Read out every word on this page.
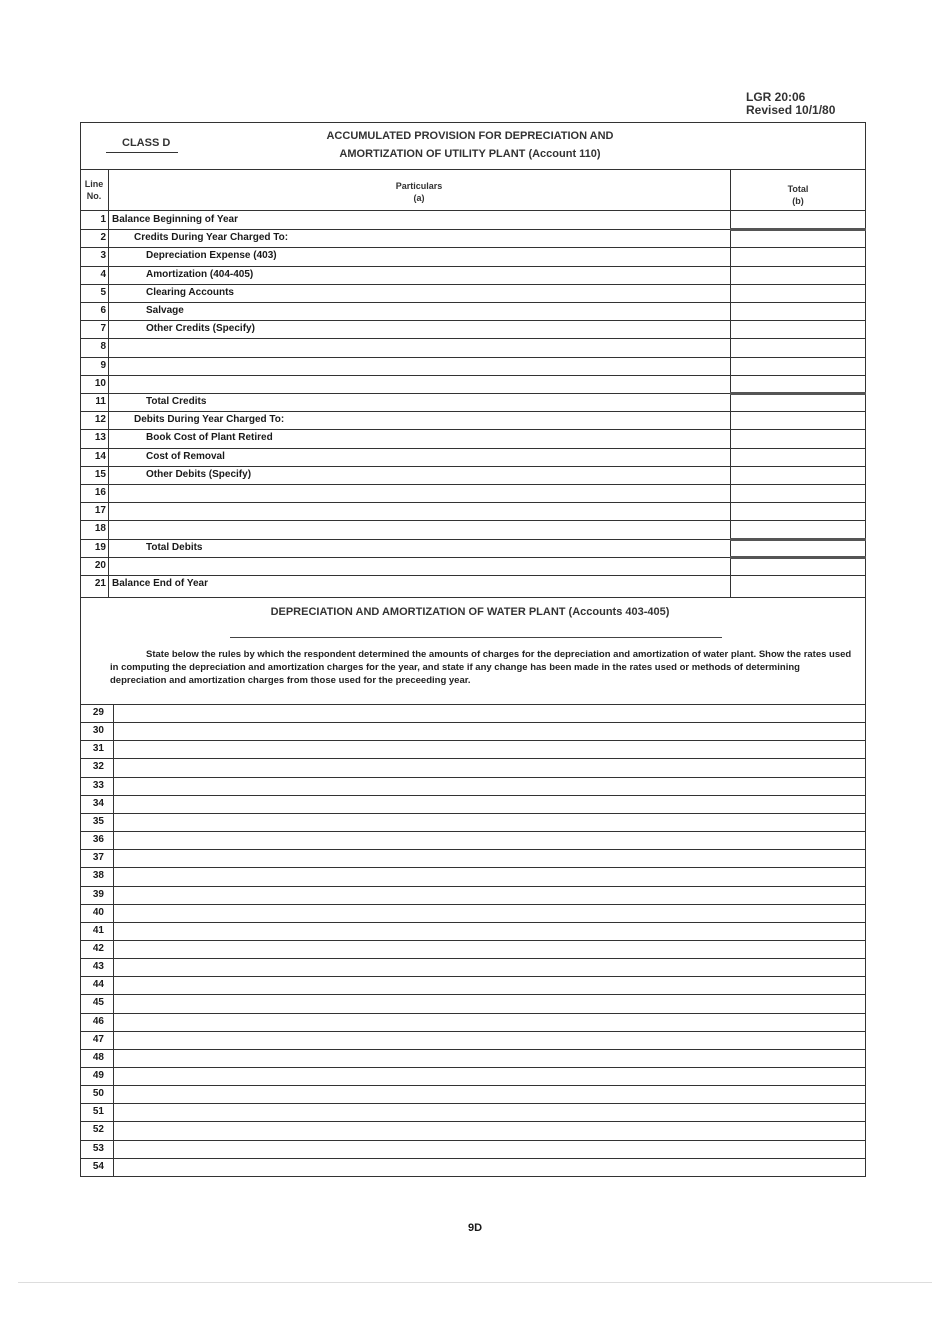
LGR 20:06
Revised 10/1/80
CLASS D
ACCUMULATED PROVISION FOR DEPRECIATION AND
AMORTIZATION OF UTILITY PLANT (Account 110)
Line
No.
Particulars
(a)
Total
(b)
1 Balance Beginning of Year
2	Credits During Year Charged To:
3	Depreciation Expense (403)
4	Amortization (404-405)
5	Clearing Accounts
6	Salvage
7	Other Credits (Specify)
8
9
10
11	Total Credits
12	Debits During Year Charged To:
13	Book Cost of Plant Retired
14	Cost of Removal
15	Other Debits (Specify)
16
17
18
19	Total Debits
20
21 Balance End of Year
DEPRECIATION AND AMORTIZATION OF WATER PLANT (Accounts 403-405)
State below the rules by which the respondent determined the amounts of charges for the depreciation and amortization of water plant. Show the rates used in computing the depreciation and amortization charges for the year, and state if any change has been made in the rates used or methods of determining depreciation and amortization charges from those used for the preceeding year.
29
30
31
32
33
34
35
36
37
38
39
40
41
42
43
44
45
46
47
48
49
50
51
52
53
54
9D
